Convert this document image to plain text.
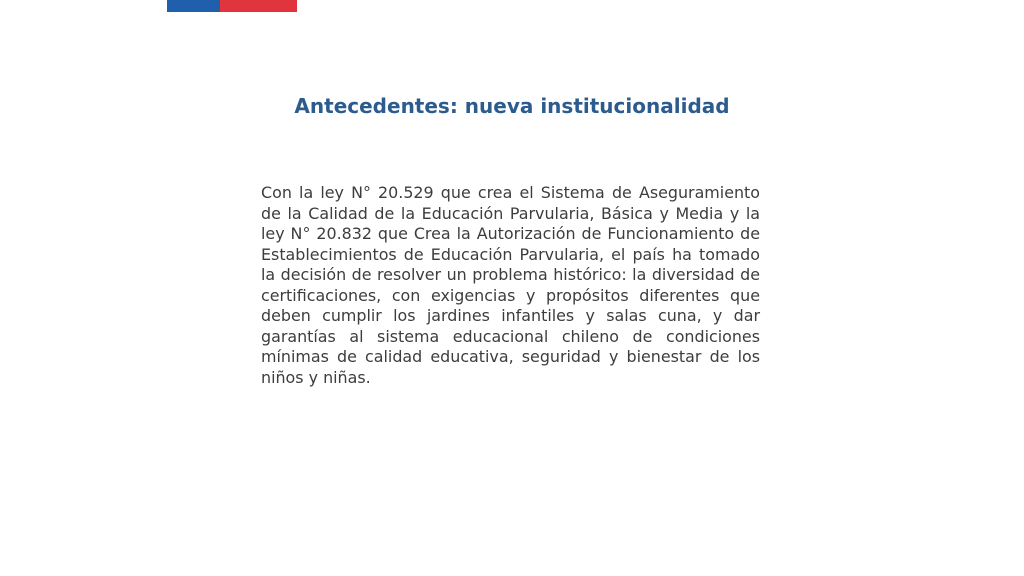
Antecedentes: nueva institucionalidad

Con la ley N° 20.529 que crea el Sistema de Aseguramiento de la Calidad de la Educación Parvularia, Básica y Media y la ley N° 20.832 que Crea la Autorización de Funcionamiento de Establecimientos de Educación Parvularia, el país ha tomado la decisión de resolver un problema histórico: la diversidad de certificaciones, con exigencias y propósitos diferentes que deben cumplir los jardines infantiles y salas cuna, y dar garantías al sistema educacional chileno de condiciones mínimas de calidad educativa, seguridad y bienestar de los niños y niñas.
